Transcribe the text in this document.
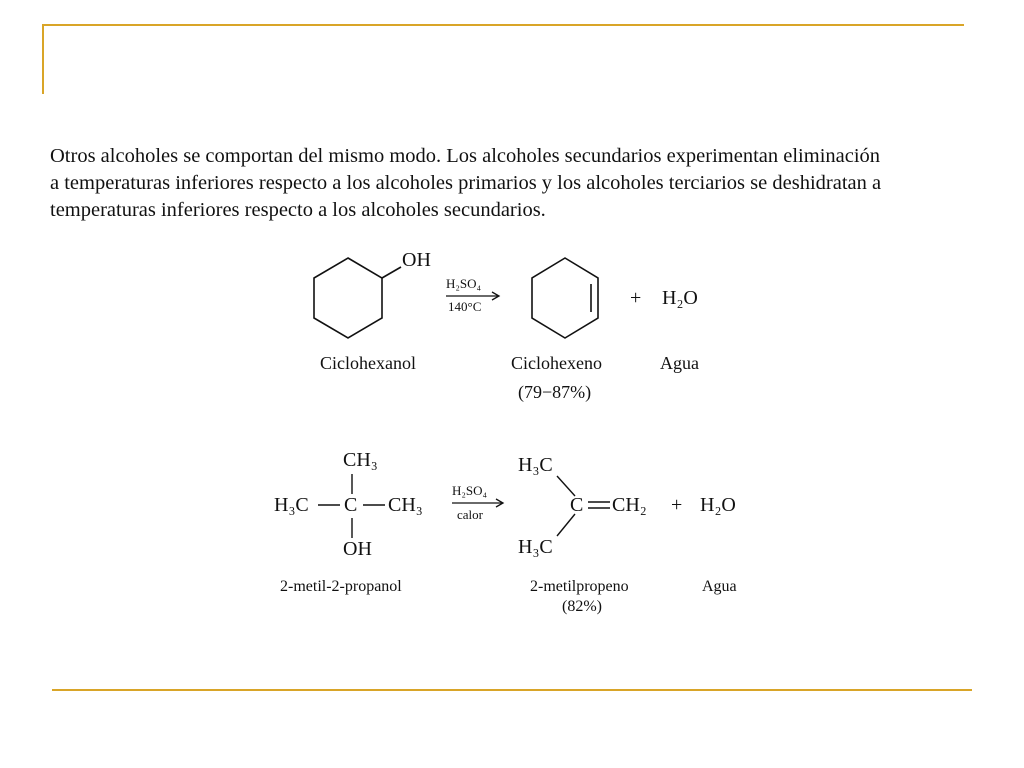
Otros alcoholes se comportan del mismo modo. Los alcoholes secundarios experimentan eliminación
a temperaturas inferiores respecto a los alcoholes primarios y los alcoholes terciarios se deshidratan a
temperaturas inferiores respecto a los alcoholes secundarios.

OH
H₂SO₄
140°C	+ H₂O
Ciclohexanol	Ciclohexeno	Agua
(79−87%)
CH₃
H₃C C CH₃
OH
H₂SO₄
calor
H₃C
C CH₂
H₃C
+ H₂O
2-metil-2-propanol	2-metilpropeno	Agua
(82%)
